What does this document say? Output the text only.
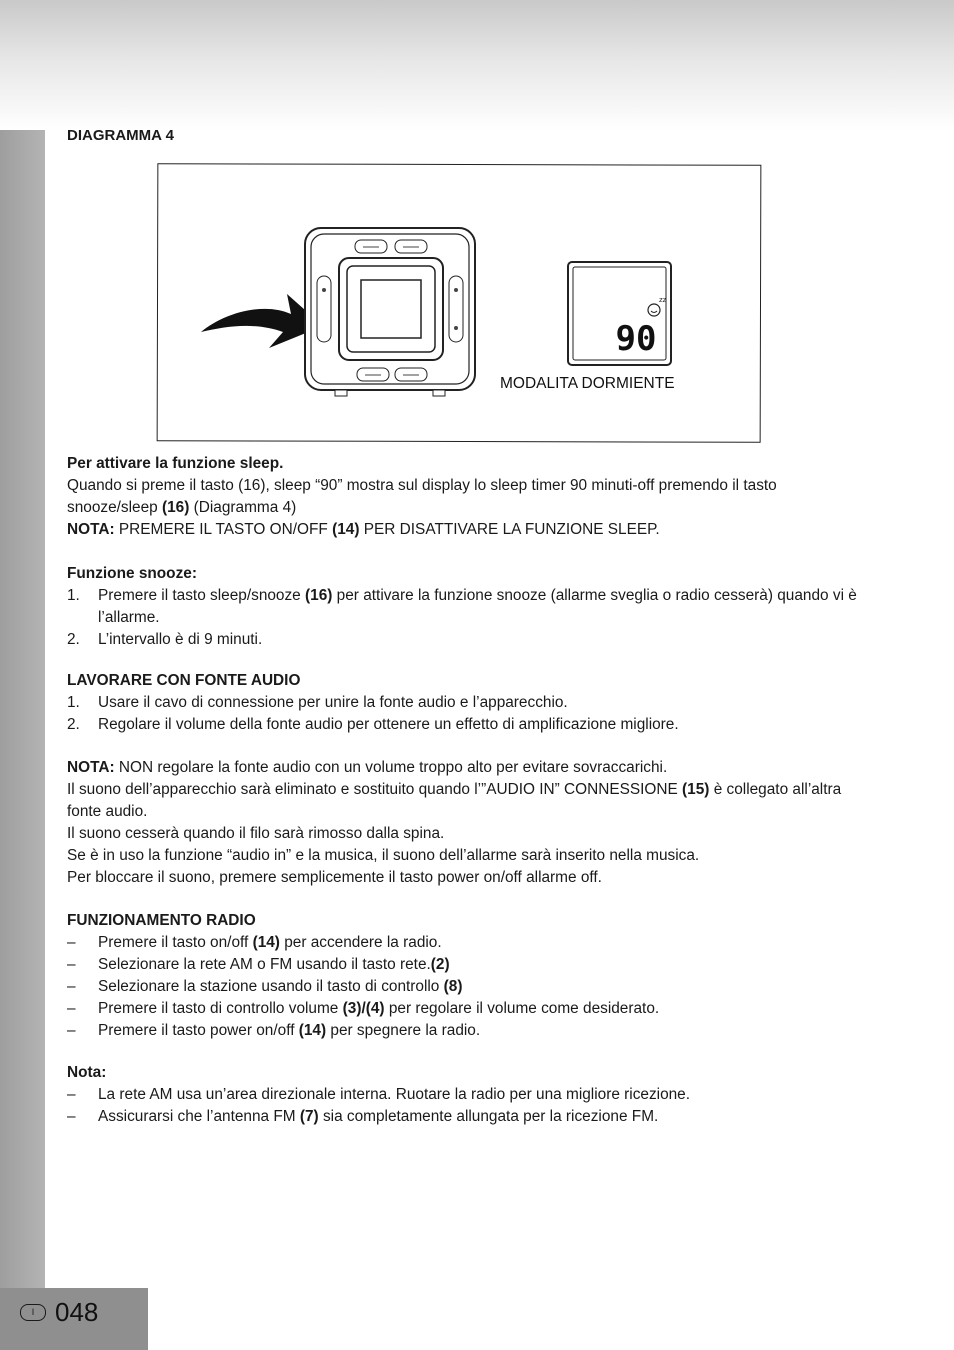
DIAGRAMMA 4
zz
90
MODALITA DORMIENTE
Per attivare la funzione sleep.
Quando si preme il tasto (16), sleep “90” mostra sul display lo sleep timer 90 minuti-off premendo il tasto snooze/sleep (16) (Diagramma 4)
NOTA: PREMERE IL TASTO ON/OFF (14) PER DISATTIVARE LA FUNZIONE SLEEP.
Funzione snooze:
1. Premere il tasto sleep/snooze (16) per attivare la funzione snooze (allarme sveglia o radio cesserà) quando vi è l’allarme.
2. L’intervallo è di 9 minuti.
LAVORARE CON FONTE AUDIO
1. Usare il cavo di connessione per unire la fonte audio e l’apparecchio.
2. Regolare il volume della fonte audio per ottenere un effetto di amplificazione migliore.
NOTA: NON regolare la fonte audio con un volume troppo alto per evitare sovraccarichi.
Il suono dell’apparecchio sarà eliminato e sostituito quando l’”AUDIO IN” CONNESSIONE (15) è collegato all’altra fonte audio.
Il suono cesserà quando il filo sarà rimosso dalla spina.
Se è in uso la funzione “audio in” e la musica, il suono dell’allarme sarà inserito nella musica.
Per bloccare il suono, premere semplicemente il tasto power on/off allarme off.
FUNZIONAMENTO RADIO
– Premere il tasto on/off (14) per accendere la radio.
– Selezionare la rete AM o FM usando il tasto rete.(2)
– Selezionare la stazione usando il tasto di controllo (8)
– Premere il tasto di controllo volume (3)/(4) per regolare il volume come desiderato.
– Premere il tasto power on/off (14) per spegnere la radio.
Nota:
– La rete AM usa un’area direzionale interna. Ruotare la radio per una migliore ricezione.
– Assicurarsi che l’antenna FM (7) sia completamente allungata per la ricezione FM.
I 048
